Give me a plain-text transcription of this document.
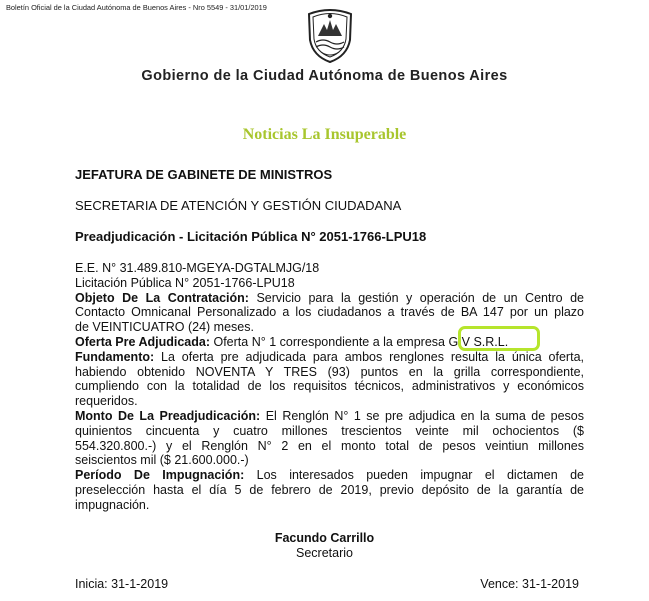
Boletín Oficial de la Ciudad Autónoma de Buenos Aires - Nro 5549 - 31/01/2019
Gobierno de la Ciudad Autónoma de Buenos Aires
Noticias La Insuperable
JEFATURA DE GABINETE DE MINISTROS
SECRETARIA DE ATENCIÓN Y GESTIÓN CIUDADANA
Preadjudicación - Licitación Pública N° 2051-1766-LPU18
E.E. N° 31.489.810-MGEYA-DGTALMJG/18
Licitación Pública N° 2051-1766-LPU18
Objeto De La Contratación: Servicio para la gestión y operación de un Centro de
Contacto Omnicanal Personalizado a los ciudadanos a través de BA 147 por un plazo
de VEINTICUATRO (24) meses.
Oferta Pre Adjudicada: Oferta N° 1 correspondiente a la empresa GIV S.R.L.
Fundamento: La oferta pre adjudicada para ambos renglones resulta la única oferta,
habiendo obtenido NOVENTA Y TRES (93) puntos en la grilla correspondiente,
cumpliendo con la totalidad de los requisitos técnicos, administrativos y económicos
requeridos.
Monto De La Preadjudicación: El Renglón N° 1 se pre adjudica en la suma de pesos
quinientos cincuenta y cuatro millones trescientos veinte mil ochocientos ($
554.320.800.-) y el Renglón N° 2 en el monto total de pesos veintiun millones
seiscientos mil ($ 21.600.000.-)
Período De Impugnación: Los interesados pueden impugnar el dictamen de
preselección hasta el día 5 de febrero de 2019, previo depósito de la garantía de
impugnación.
Facundo Carrillo
Secretario
Inicia: 31-1-2019	Vence: 31-1-2019
